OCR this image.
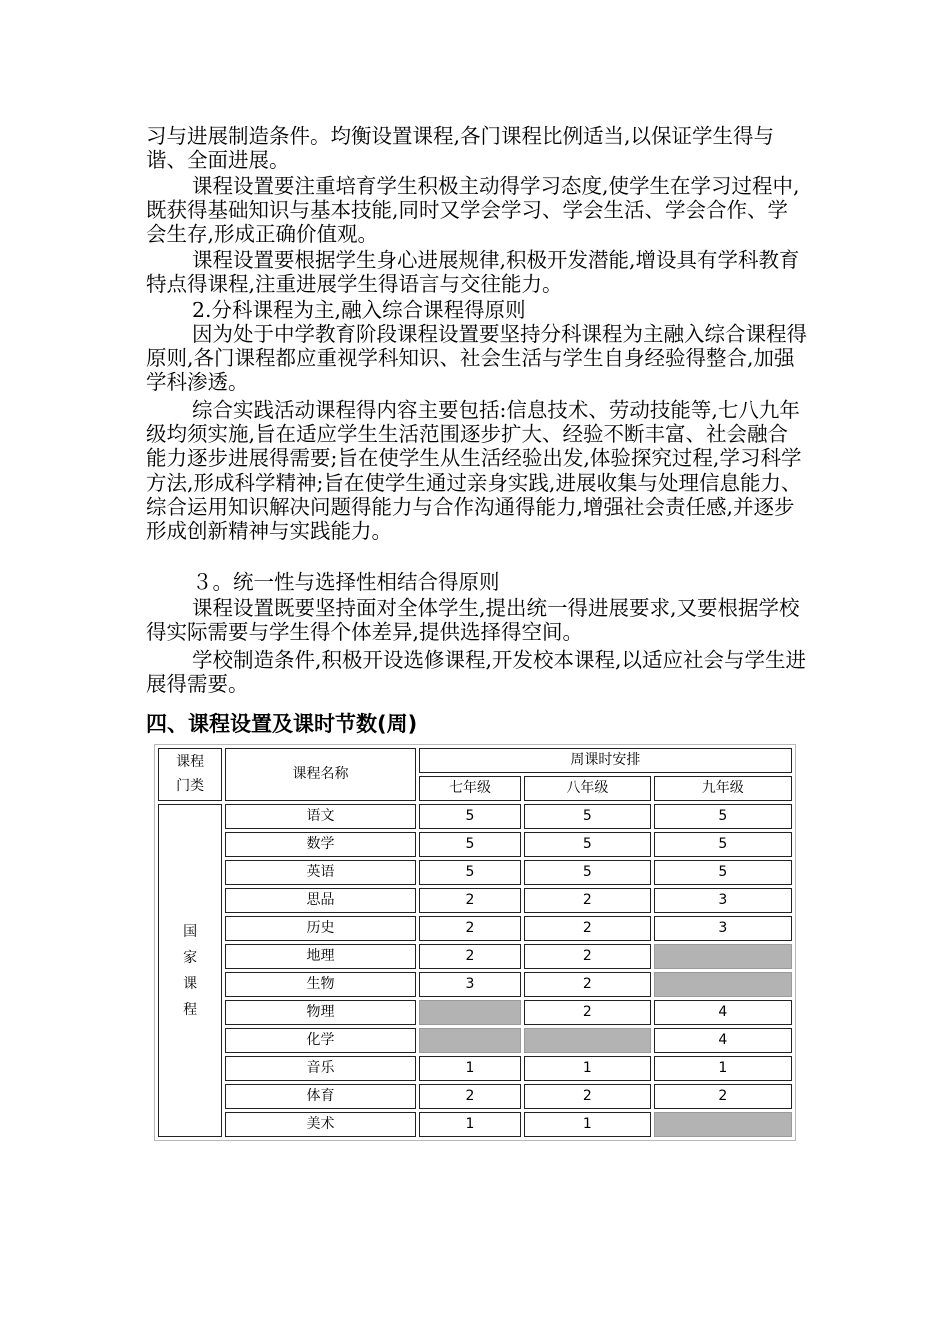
习与进展制造条件。均衡设置课程,各门课程比例适当,以保证学生得与谐、全面进展。

课程设置要注重培育学生积极主动得学习态度,使学生在学习过程中,既获得基础知识与基本技能,同时又学会学习、学会生活、学会合作、学会生存,形成正确价值观。

课程设置要根据学生身心进展规律,积极开发潜能,增设具有学科教育特点得课程,注重进展学生得语言与交往能力。

2.分科课程为主,融入综合课程得原则

因为处于中学教育阶段课程设置要坚持分科课程为主融入综合课程得原则,各门课程都应重视学科知识、社会生活与学生自身经验得整合,加强学科渗透。

综合实践活动课程得内容主要包括:信息技术、劳动技能等,七八九年级均须实施,旨在适应学生生活范围逐步扩大、经验不断丰富、社会融合能力逐步进展得需要;旨在使学生从生活经验出发,体验探究过程,学习科学方法,形成科学精神;旨在使学生通过亲身实践,进展收集与处理信息能力、综合运用知识解决问题得能力与合作沟通得能力,增强社会责任感,并逐步形成创新精神与实践能力。

３。统一性与选择性相结合得原则

课程设置既要坚持面对全体学生,提出统一得进展要求,又要根据学校得实际需要与学生得个体差异,提供选择得空间。

学校制造条件,积极开设选修课程,开发校本课程,以适应社会与学生进展得需要。

四、课程设置及课时节数(周)
课程门类	课程名称	周课时安排		
		七年级	八年级	九年级
国家课程	语文	5	5	5
	数学	5	5	5
	英语	5	5	5
	思品	2	2	3
	历史	2	2	3
	地理	2	2	
	生物	3	2	
	物理		2	4
	化学			4
	音乐	1	1	1
	体育	2	2	2
	美术	1	1	
